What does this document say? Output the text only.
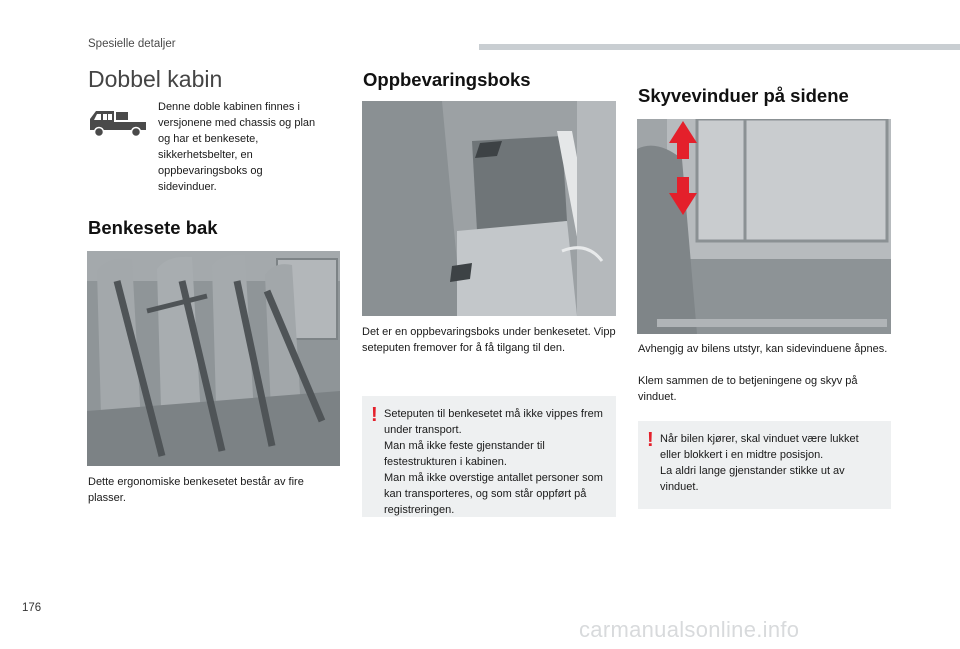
Spesielle detaljer
Dobbel kabin

Denne doble kabinen finnes i versjonene med chassis og plan og har et benkesete, sikkerhetsbelter, en oppbevaringsboks og sidevinduer.

Benkesete bak

Dette ergonomiske benkesetet består av fire plasser.

Oppbevaringsboks

Det er en oppbevaringsboks under benkesetet. Vipp seteputen fremover for å få tilgang til den.

! Seteputen til benkesetet må ikke vippes frem under transport.

Man må ikke feste gjenstander til festestrukturen i kabinen.

Man må ikke overstige antallet personer som kan transporteres, og som står oppført på registreringen.

Skyvevinduer på sidene

Avhengig av bilens utstyr, kan sidevinduene åpnes.

Klem sammen de to betjeningene og skyv på vinduet.

! Når bilen kjører, skal vinduet være lukket eller blokkert i en midtre posisjon.

La aldri lange gjenstander stikke ut av vinduet.

176
carmanualsonline.info
